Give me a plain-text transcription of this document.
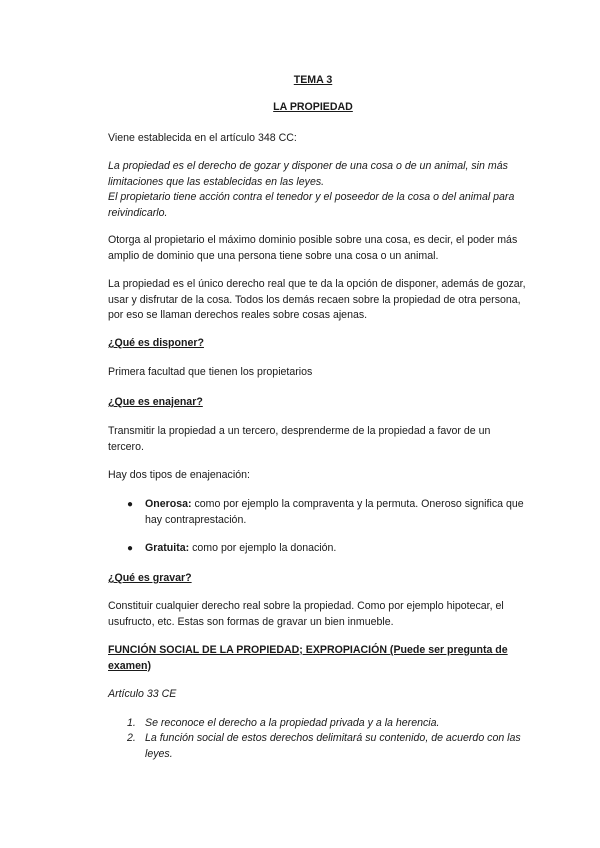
TEMA 3
LA PROPIEDAD
Viene establecida en el artículo 348 CC:
La propiedad es el derecho de gozar y disponer de una cosa o de un animal, sin más limitaciones que las establecidas en las leyes.
El propietario tiene acción contra el tenedor y el poseedor de la cosa o del animal para reivindicarlo.
Otorga al propietario el máximo dominio posible sobre una cosa, es decir, el poder más amplio de dominio que una persona tiene sobre una cosa o un animal.
La propiedad es el único derecho real que te da la opción de disponer, además de gozar, usar y disfrutar de la cosa. Todos los demás recaen sobre la propiedad de otra persona, por eso se llaman derechos reales sobre cosas ajenas.
¿Qué es disponer?
Primera facultad que tienen los propietarios
¿Que es enajenar?
Transmitir la propiedad a un tercero, desprenderme de la propiedad a favor de un tercero.
Hay dos tipos de enajenación:
● Onerosa: como por ejemplo la compraventa y la permuta. Oneroso significa que hay contraprestación.
● Gratuita: como por ejemplo la donación.
¿Qué es gravar?
Constituir cualquier derecho real sobre la propiedad. Como por ejemplo hipotecar, el usufructo, etc. Estas son formas de gravar un bien inmueble.
FUNCIÓN SOCIAL DE LA PROPIEDAD; EXPROPIACIÓN (Puede ser pregunta de examen)
Artículo 33 CE
1. Se reconoce el derecho a la propiedad privada y a la herencia.
2. La función social de estos derechos delimitará su contenido, de acuerdo con las leyes.
